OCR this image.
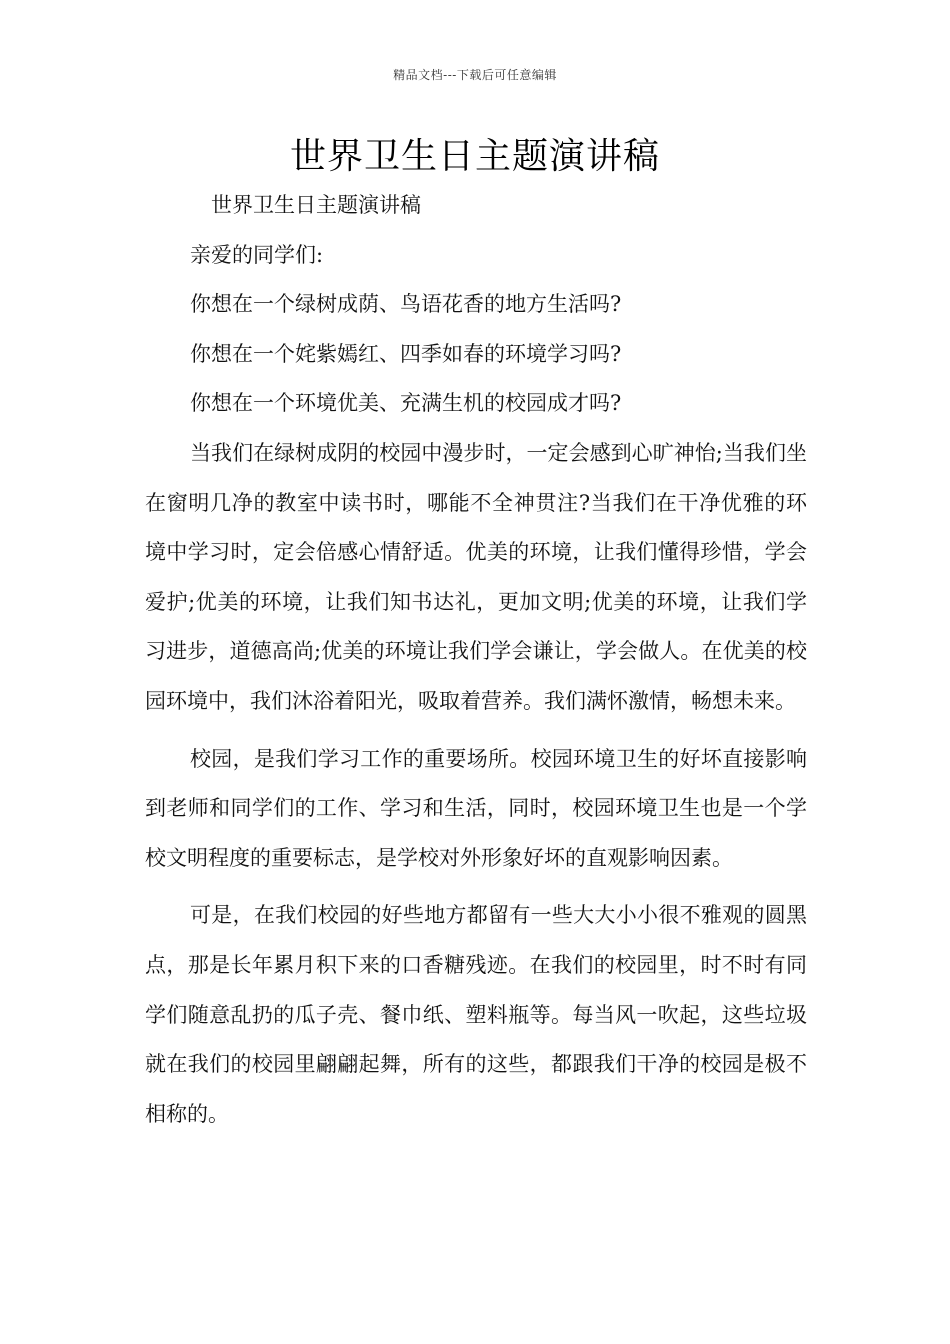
精品文档---下载后可任意编辑
世界卫生日主题演讲稿

世界卫生日主题演讲稿

亲爱的同学们:

你想在一个绿树成荫、鸟语花香的地方生活吗?

你想在一个姹紫嫣红、四季如春的环境学习吗?

你想在一个环境优美、充满生机的校园成才吗?

当我们在绿树成阴的校园中漫步时，一定会感到心旷神怡;当我们坐在窗明几净的教室中读书时，哪能不全神贯注?当我们在干净优雅的环境中学习时，定会倍感心情舒适。优美的环境，让我们懂得珍惜，学会爱护;优美的环境，让我们知书达礼，更加文明;优美的环境，让我们学习进步，道德高尚;优美的环境让我们学会谦让，学会做人。在优美的校园环境中，我们沐浴着阳光，吸取着营养。我们满怀激情，畅想未来。

校园，是我们学习工作的重要场所。校园环境卫生的好坏直接影响到老师和同学们的工作、学习和生活，同时，校园环境卫生也是一个学校文明程度的重要标志，是学校对外形象好坏的直观影响因素。

可是，在我们校园的好些地方都留有一些大大小小很不雅观的圆黑点，那是长年累月积下来的口香糖残迹。在我们的校园里，时不时有同学们随意乱扔的瓜子壳、餐巾纸、塑料瓶等。每当风一吹起，这些垃圾就在我们的校园里翩翩起舞，所有的这些，都跟我们干净的校园是极不相称的。
